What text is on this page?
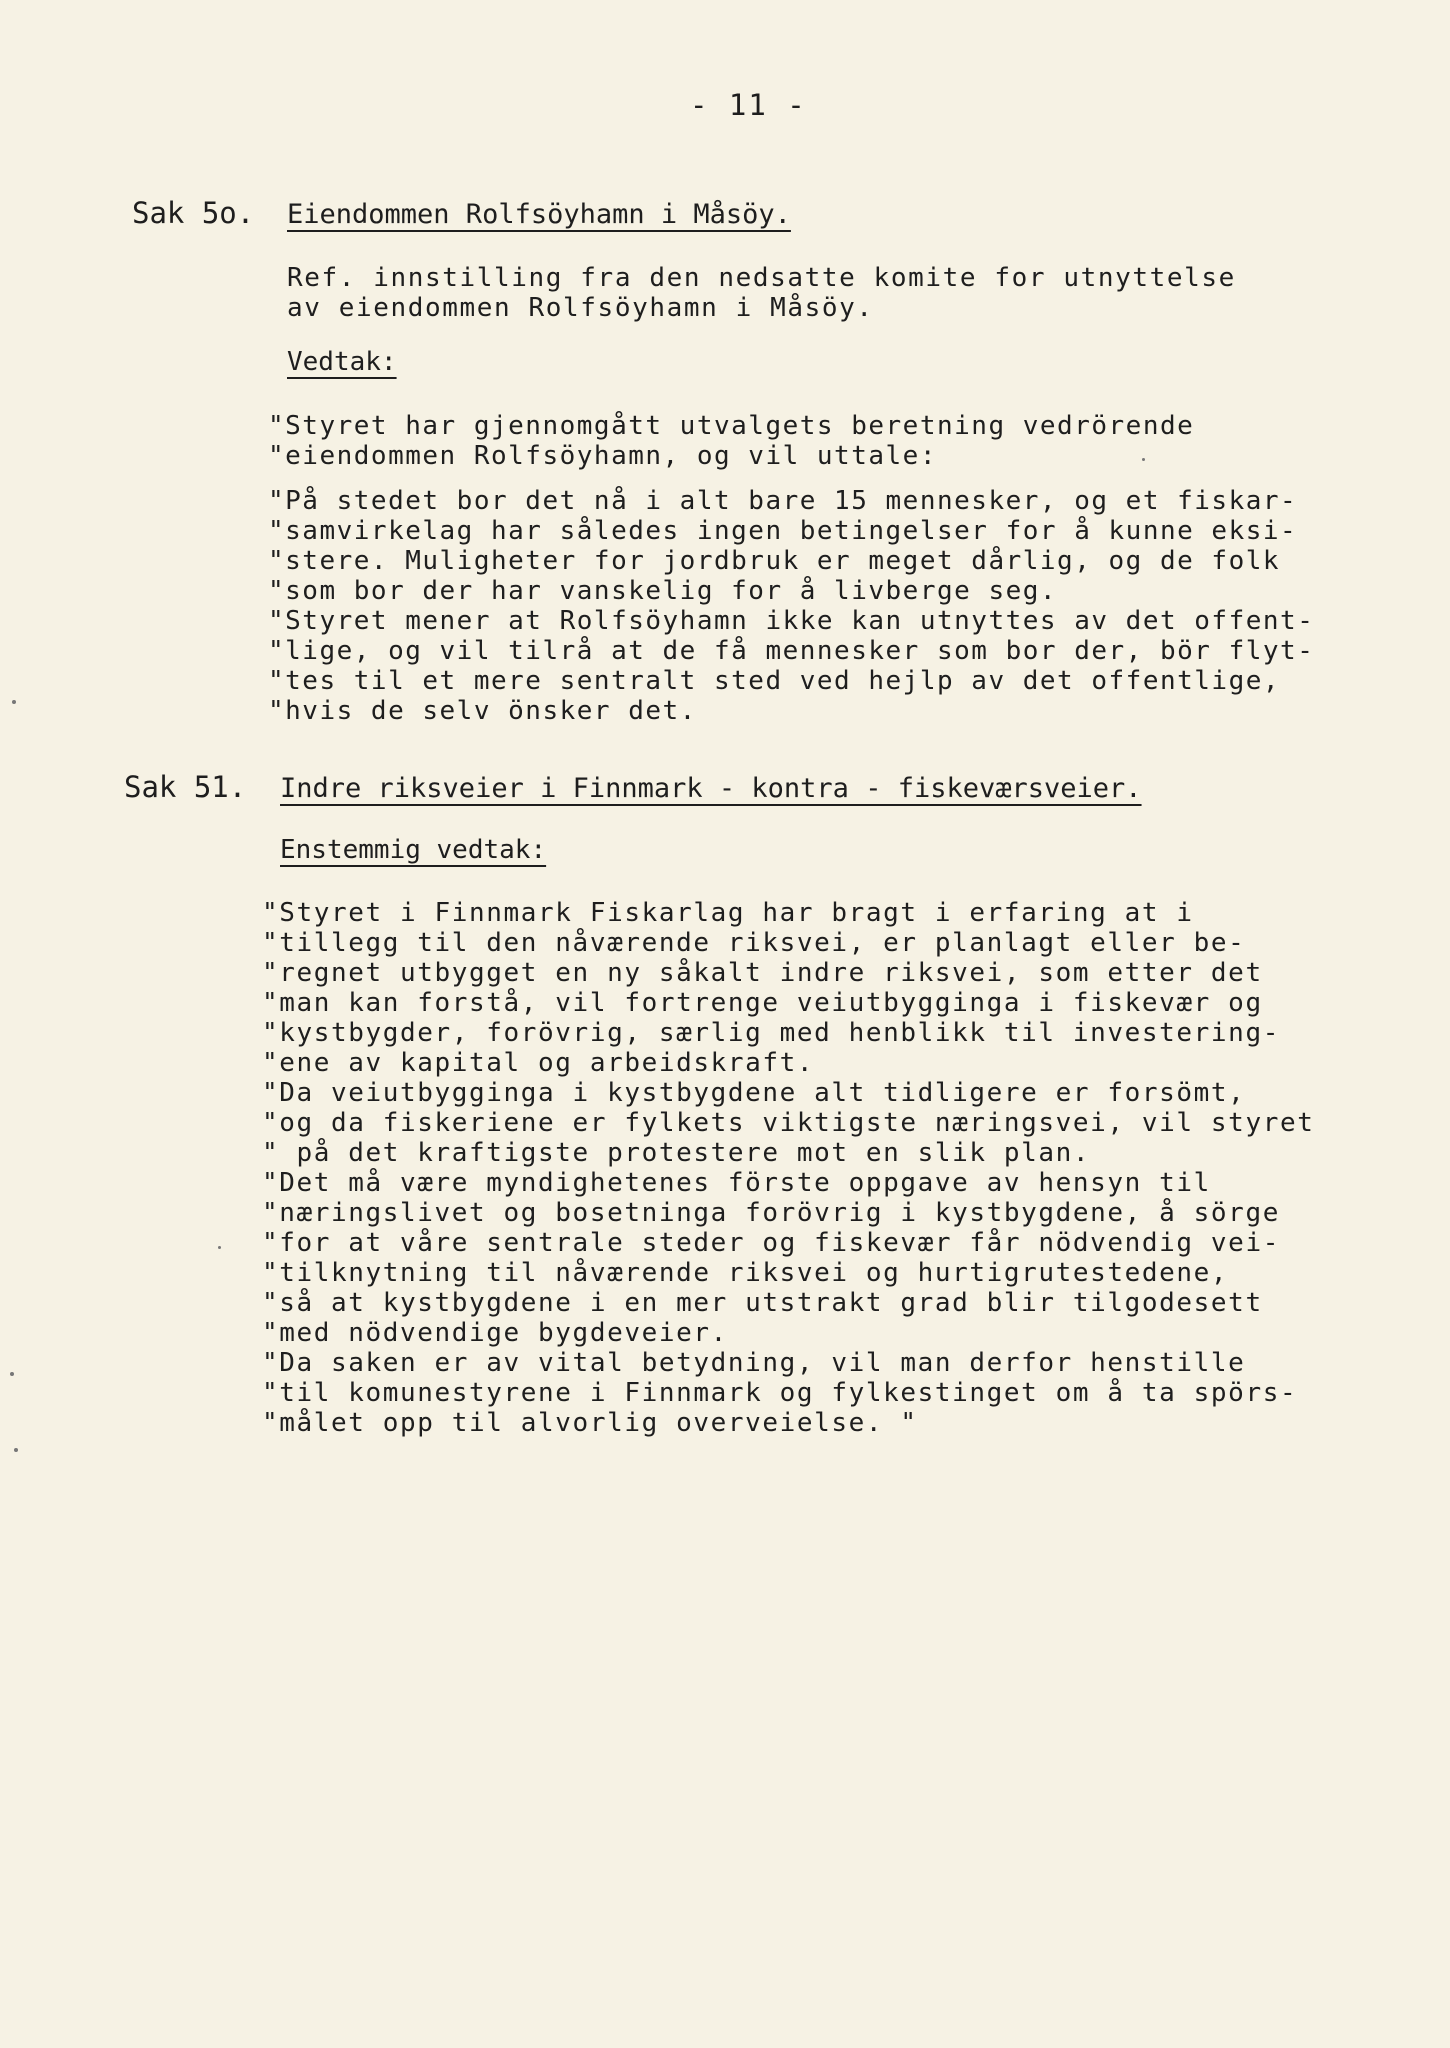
- 11 -
Sak 5o. Eiendommen Rolfsöyhamn i Måsöy.
Ref. innstilling fra den nedsatte komite for utnyttelse
av eiendommen Rolfsöyhamn i Måsöy.
Vedtak:
"Styret har gjennomgått utvalgets beretning vedrörende
"eiendommen Rolfsöyhamn, og vil uttale:
"På stedet bor det nå i alt bare 15 mennesker, og et fiskar-
"samvirkelag har således ingen betingelser for å kunne eksi-
"stere. Muligheter for jordbruk er meget dårlig, og de folk
"som bor der har vanskelig for å livberge seg.
"Styret mener at Rolfsöyhamn ikke kan utnyttes av det offent-
"lige, og vil tilrå at de få mennesker som bor der, bör flyt-
"tes til et mere sentralt sted ved hejlp av det offentlige,
"hvis de selv önsker det.
Sak 51. Indre riksveier i Finnmark - kontra - fiskeværsveier.
Enstemmig vedtak:
"Styret i Finnmark Fiskarlag har bragt i erfaring at i
"tillegg til den nåværende riksvei, er planlagt eller be-
"regnet utbygget en ny såkalt indre riksvei, som etter det
"man kan forstå, vil fortrenge veiutbygginga i fiskevær og
"kystbygder, forövrig, særlig med henblikk til investering-
"ene av kapital og arbeidskraft.
"Da veiutbygginga i kystbygdene alt tidligere er forsömt,
"og da fiskeriene er fylkets viktigste næringsvei, vil styret
" på det kraftigste protestere mot en slik plan.
"Det må være myndighetenes förste oppgave av hensyn til
"næringslivet og bosetninga forövrig i kystbygdene, å sörge
"for at våre sentrale steder og fiskevær får nödvendig vei-
"tilknytning til nåværende riksvei og hurtigrutestedene,
"så at kystbygdene i en mer utstrakt grad blir tilgodesett
"med nödvendige bygdeveier.
"Da saken er av vital betydning, vil man derfor henstille
"til komunestyrene i Finnmark og fylkestinget om å ta spörs-
"målet opp til alvorlig overveielse. "
